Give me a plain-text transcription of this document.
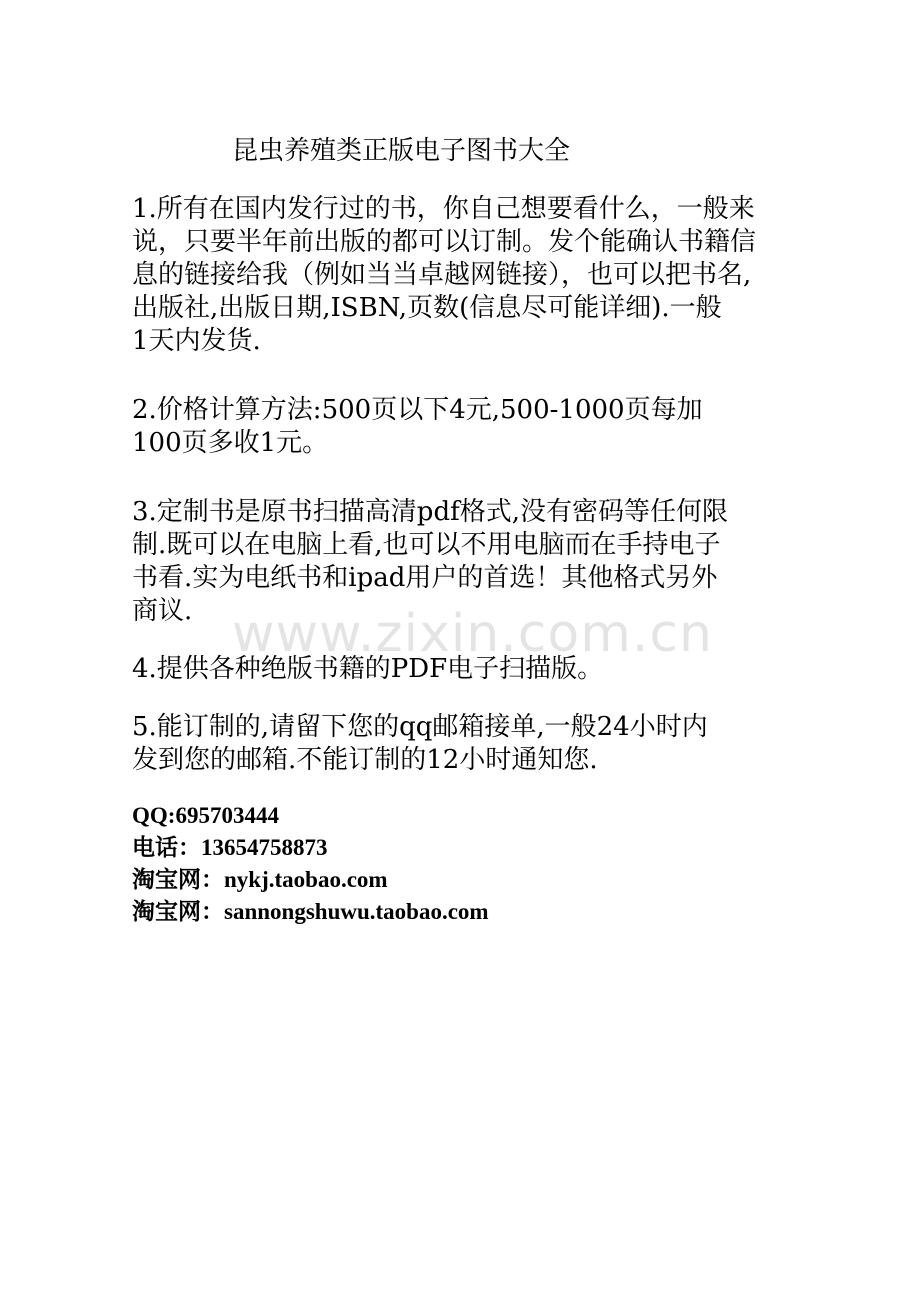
昆虫养殖类正版电子图书大全
1.所有在国内发行过的书，你自己想要看什么，一般来
说，只要半年前出版的都可以订制。发个能确认书籍信
息的链接给我（例如当当卓越网链接），也可以把书名,
出版社,出版日期,ISBN,页数(信息尽可能详细).一般
1天内发货.
2.价格计算方法:500页以下4元,500-1000页每加
100页多收1元。
3.定制书是原书扫描高清pdf格式,没有密码等任何限
制.既可以在电脑上看,也可以不用电脑而在手持电子
书看.实为电纸书和ipad用户的首选！其他格式另外
商议.
4.提供各种绝版书籍的PDF电子扫描版。
5.能订制的,请留下您的qq邮箱接单,一般24小时内
发到您的邮箱.不能订制的12小时通知您.
QQ:695703444
电话：13654758873
淘宝网：nykj.taobao.com
淘宝网：sannongshuwu.taobao.com
www.zixin.com.cn
